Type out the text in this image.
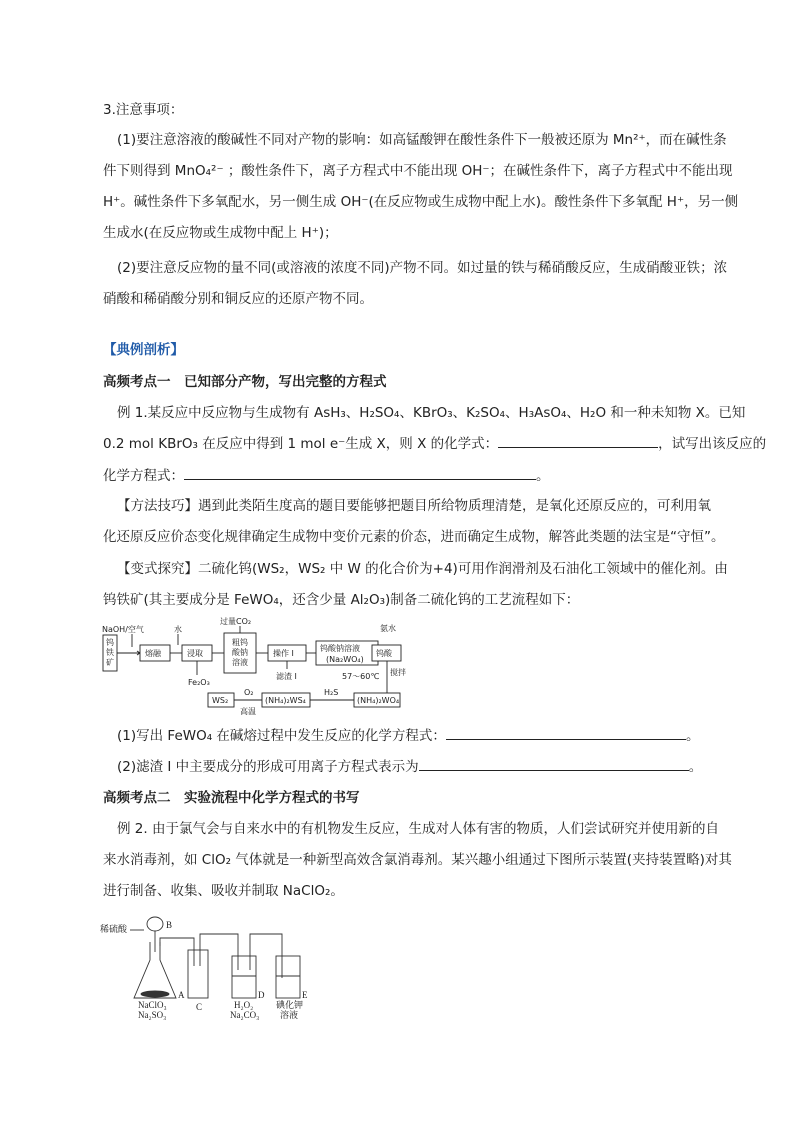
3.注意事项：
(1)要注意溶液的酸碱性不同对产物的影响：如高锰酸钾在酸性条件下一般被还原为 Mn²⁺，而在碱性条
件下则得到 MnO₄²⁻ ；酸性条件下，离子方程式中不能出现 OH⁻；在碱性条件下，离子方程式中不能出现
H⁺。碱性条件下多氧配水，另一侧生成 OH⁻(在反应物或生成物中配上水)。酸性条件下多氧配 H⁺，另一侧
生成水(在反应物或生成物中配上 H⁺)；
(2)要注意反应物的量不同(或溶液的浓度不同)产物不同。如过量的铁与稀硝酸反应，生成硝酸亚铁；浓
硝酸和稀硝酸分别和铜反应的还原产物不同。
【典例剖析】
高频考点一　已知部分产物，写出完整的方程式
例 1.某反应中反应物与生成物有 AsH₃、H₂SO₄、KBrO₃、K₂SO₄、H₃AsO₄、H₂O 和一种未知物 X。已知
0.2 mol KBrO₃ 在反应中得到 1 mol e⁻生成 X，则 X 的化学式：	，试写出该反应的
化学方程式：	。
【方法技巧】遇到此类陌生度高的题目要能够把题目所给物质理清楚，是氧化还原反应的，可利用氧
化还原反应价态变化规律确定生成物中变价元素的价态，进而确定生成物，解答此类题的法宝是“守恒”。
【变式探究】二硫化钨(WS₂，WS₂ 中 W 的化合价为+4)可用作润滑剂及石油化工领域中的催化剂。由
钨铁矿(其主要成分是 FeWO₄，还含少量 Al₂O₃)制备二硫化钨的工艺流程如下：
钨铁矿
NaOH/空气
熔融
水
浸取
Fe₂O₃
过量CO₂
粗钨酸钠溶液
操作 I
滤渣 I
钨酸钠溶液
(Na₂WO₄)
氨水
钨酸
搅拌
57～60℃
(NH₄)₂WO₄
H₂S
(NH₄)₂WS₄
O₂
高温
WS₂
(1)写出 FeWO₄ 在碱熔过程中发生反应的化学方程式：	。
(2)滤渣 I 中主要成分的形成可用离子方程式表示为	。
高频考点二　实验流程中化学方程式的书写
例 2. 由于氯气会与自来水中的有机物发生反应，生成对人体有害的物质，人们尝试研究并使用新的自
来水消毒剂，如 ClO₂ 气体就是一种新型高效含氯消毒剂。某兴趣小组通过下图所示装置(夹持装置略)对其
进行制备、收集、吸收并制取 NaClO₂。
稀硫酸	B
A
NaClO₃
Na₂SO₃
C
D
H₂O₂
Na₂CO₃
E
碘化钾
溶液
